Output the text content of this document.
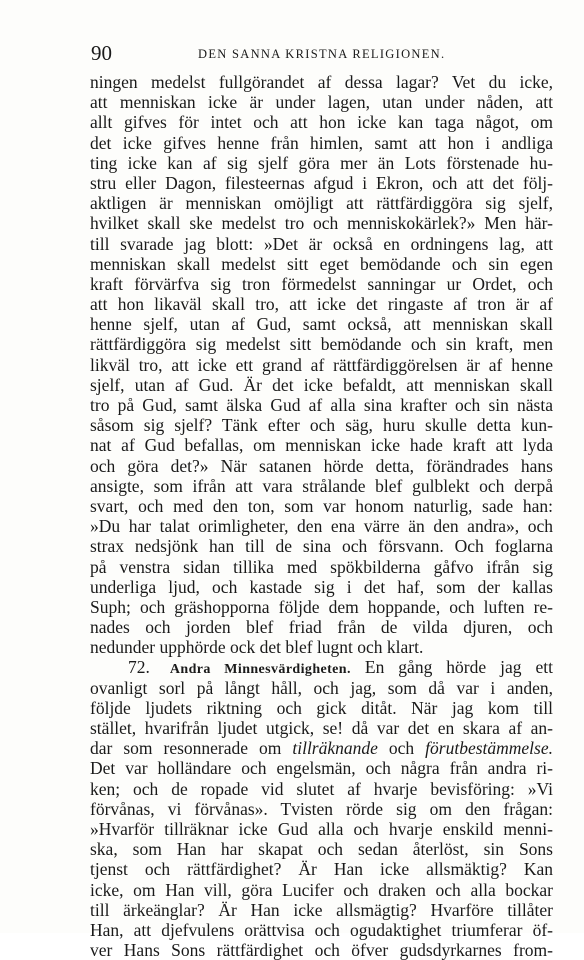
90	DEN SANNA KRISTNA RELIGIONEN.
ningen medelst fullgörandet af dessa lagar? Vet du icke,
att menniskan icke är under lagen, utan under nåden, att
allt gifves för intet och att hon icke kan taga något, om
det icke gifves henne från himlen, samt att hon i andliga
ting icke kan af sig sjelf göra mer än Lots förstenade hu-
stru eller Dagon, filesteernas afgud i Ekron, och att det följ-
aktligen är menniskan omöjligt att rättfärdiggöra sig sjelf,
hvilket skall ske medelst tro och menniskokärlek?» Men här-
till svarade jag blott: »Det är också en ordningens lag, att
menniskan skall medelst sitt eget bemödande och sin egen
kraft förvärfva sig tron förmedelst sanningar ur Ordet, och
att hon likaväl skall tro, att icke det ringaste af tron är af
henne sjelf, utan af Gud, samt också, att menniskan skall
rättfärdiggöra sig medelst sitt bemödande och sin kraft, men
likväl tro, att icke ett grand af rättfärdiggörelsen är af henne
sjelf, utan af Gud. Är det icke befaldt, att menniskan skall
tro på Gud, samt älska Gud af alla sina krafter och sin nästa
såsom sig sjelf? Tänk efter och säg, huru skulle detta kun-
nat af Gud befallas, om menniskan icke hade kraft att lyda
och göra det?» När satanen hörde detta, förändrades hans
ansigte, som ifrån att vara strålande blef gulblekt och derpå
svart, och med den ton, som var honom naturlig, sade han:
»Du har talat orimligheter, den ena värre än den andra», och
strax nedsjönk han till de sina och försvann. Och foglarna
på venstra sidan tillika med spökbilderna gåfvo ifrån sig
underliga ljud, och kastade sig i det haf, som der kallas
Suph; och gräshopporna följde dem hoppande, och luften re-
nades och jorden blef friad från de vilda djuren, och
nedunder upphörde ock det blef lugnt och klart.
72. Andra Minnesvärdigheten. En gång hörde jag ett
ovanligt sorl på långt håll, och jag, som då var i anden,
följde ljudets riktning och gick ditåt. När jag kom till
stället, hvarifrån ljudet utgick, se! då var det en skara af an-
dar som resonnerade om tillräknande och förutbestämmelse.
Det var holländare och engelsmän, och några från andra ri-
ken; och de ropade vid slutet af hvarje bevisföring: »Vi
förvånas, vi förvånas». Tvisten rörde sig om den frågan:
»Hvarför tillräknar icke Gud alla och hvarje enskild menni-
ska, som Han har skapat och sedan återlöst, sin Sons
tjenst och rättfärdighet? Är Han icke allsmäktig? Kan
icke, om Han vill, göra Lucifer och draken och alla bockar
till ärkeänglar? Är Han icke allsmägtig? Hvarföre tillåter
Han, att djefvulens orättvisa och ogudaktighet triumferar öf-
ver Hans Sons rättfärdighet och öfver gudsdyrkarnes from-
